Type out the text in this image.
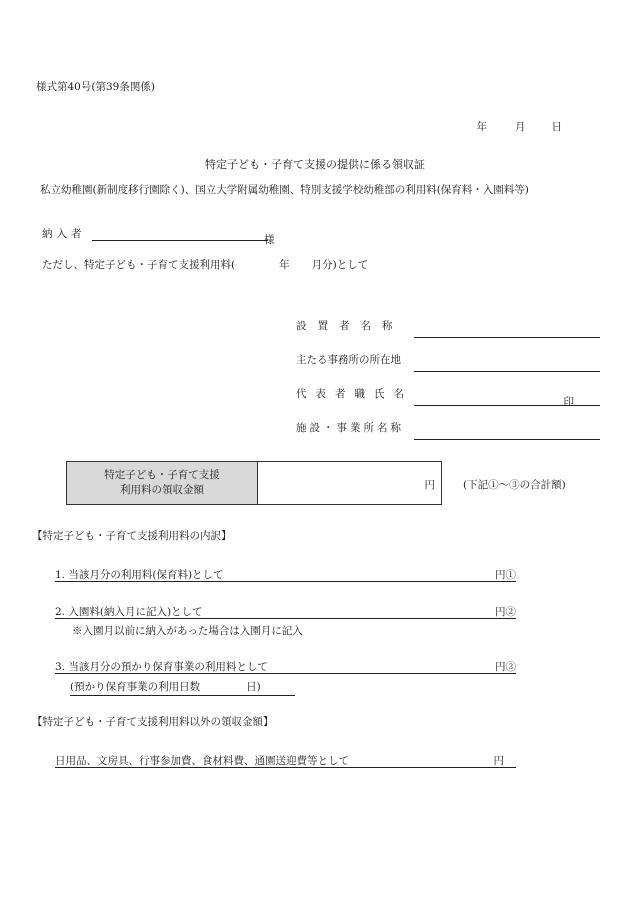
様式第40号(第39条関係)
年	月 日
特定子ども・子育て支援の提供に係る領収証
私立幼稚園(新制度移行園除く)、国立大学附属幼稚園、特別支援学校幼稚部の利用料(保育料・入園料等)
納入者	様
ただし、特定子ども・子育て支援利用料(	年 月分)として
設置者名称
主たる事務所の所在地
代表者職氏名
印
施設・事業所名称
特定子ども・子育て支援
利用料の領収金額	円	(下記①～③の合計額)
【特定子ども・子育て支援利用料の内訳】
1. 当該月分の利用料(保育料)として	円①
2. 入園料(納入月に記入)として	円②
※入園月以前に納入があった場合は入園月に記入
3. 当該月分の預かり保育事業の利用料として	円③
(預かり保育事業の利用日数	日)
【特定子ども・子育て支援利用料以外の領収金額】
日用品、文房具、行事参加費、食材料費、通園送迎費等として	円
